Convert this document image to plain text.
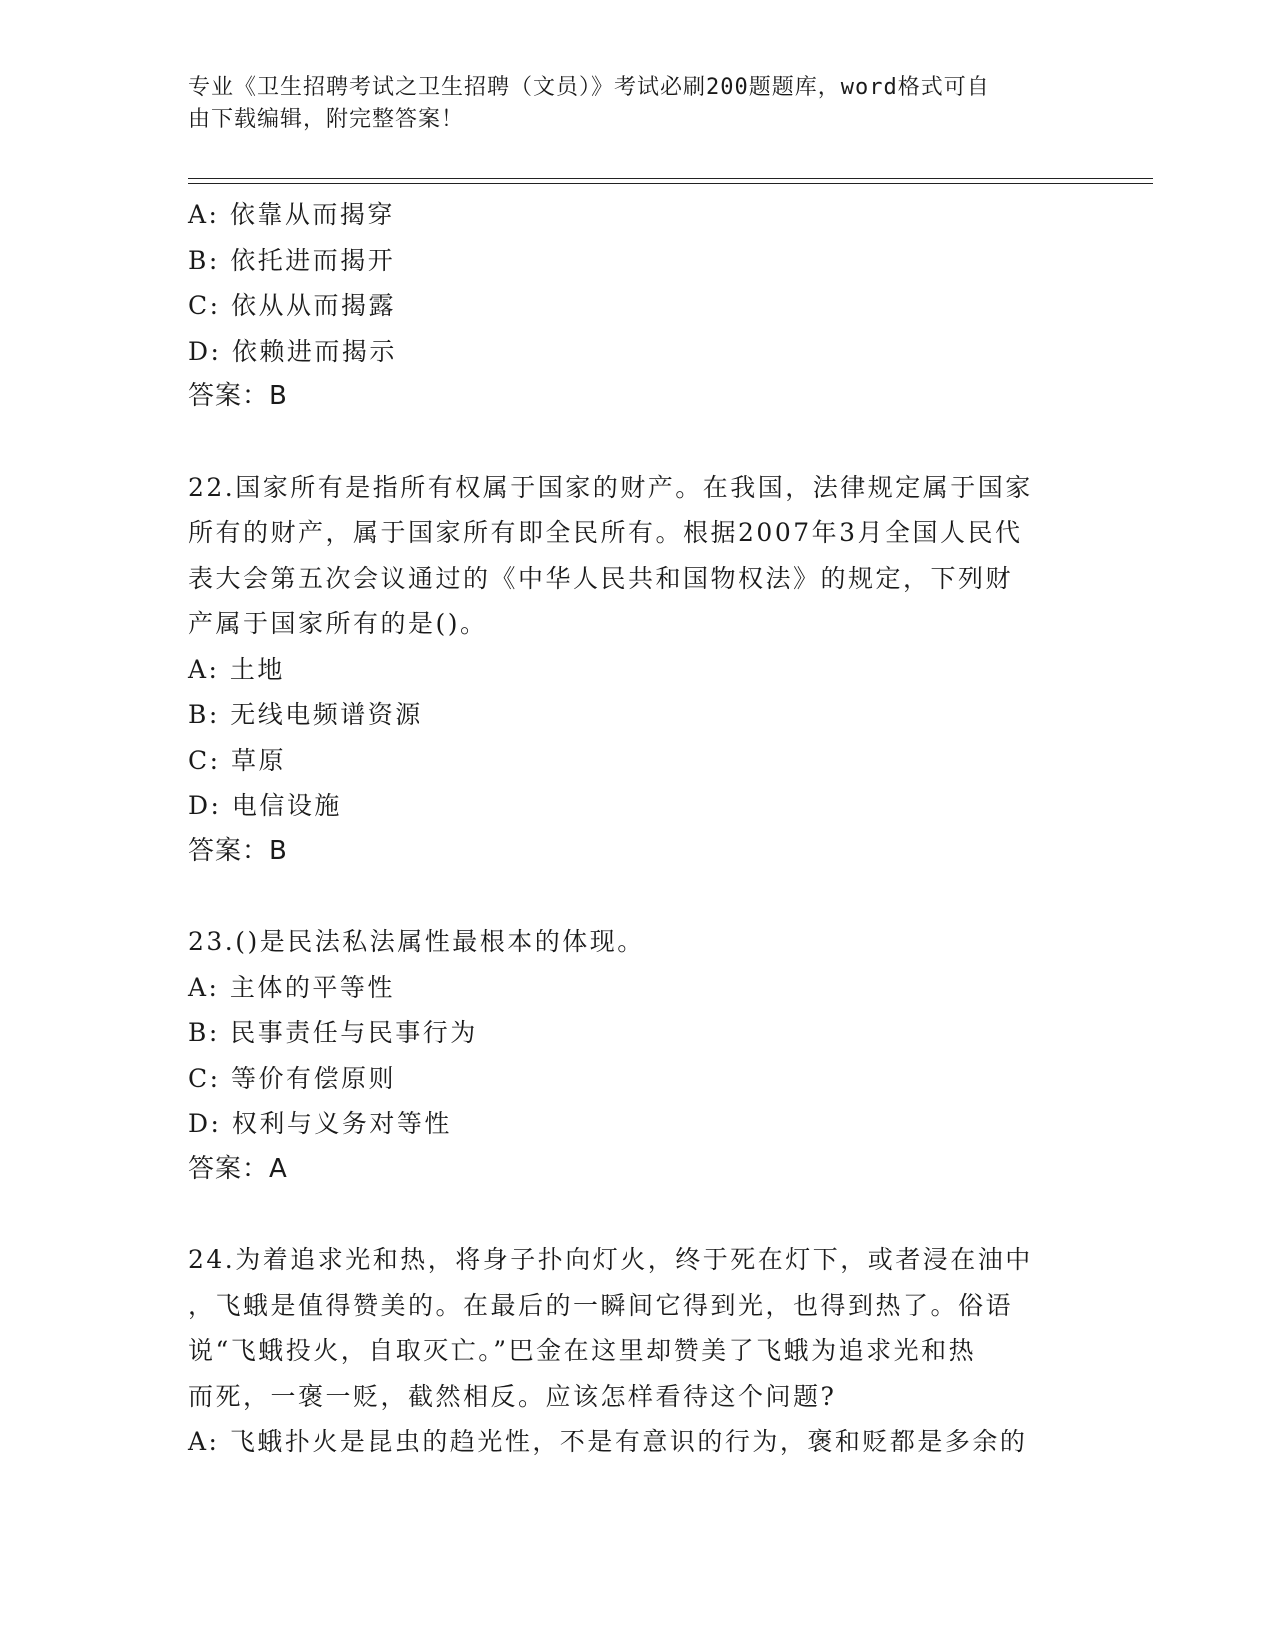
专业《卫生招聘考试之卫生招聘（文员）》考试必刷200题题库，word格式可自
由下载编辑，附完整答案！
A: 依靠从而揭穿
B: 依托进而揭开
C: 依从从而揭露
D: 依赖进而揭示
答案：B
22.国家所有是指所有权属于国家的财产。在我国，法律规定属于国家
所有的财产，属于国家所有即全民所有。根据2007年3月全国人民代
表大会第五次会议通过的《中华人民共和国物权法》的规定，下列财
产属于国家所有的是()。
A: 土地
B: 无线电频谱资源
C: 草原
D: 电信设施
答案：B
23.()是民法私法属性最根本的体现。
A: 主体的平等性
B: 民事责任与民事行为
C: 等价有偿原则
D: 权利与义务对等性
答案：A
24.为着追求光和热，将身子扑向灯火，终于死在灯下，或者浸在油中
，飞蛾是值得赞美的。在最后的一瞬间它得到光，也得到热了。俗语
说“飞蛾投火，自取灭亡。”巴金在这里却赞美了飞蛾为追求光和热
而死，一褒一贬，截然相反。应该怎样看待这个问题?
A: 飞蛾扑火是昆虫的趋光性，不是有意识的行为，褒和贬都是多余的
